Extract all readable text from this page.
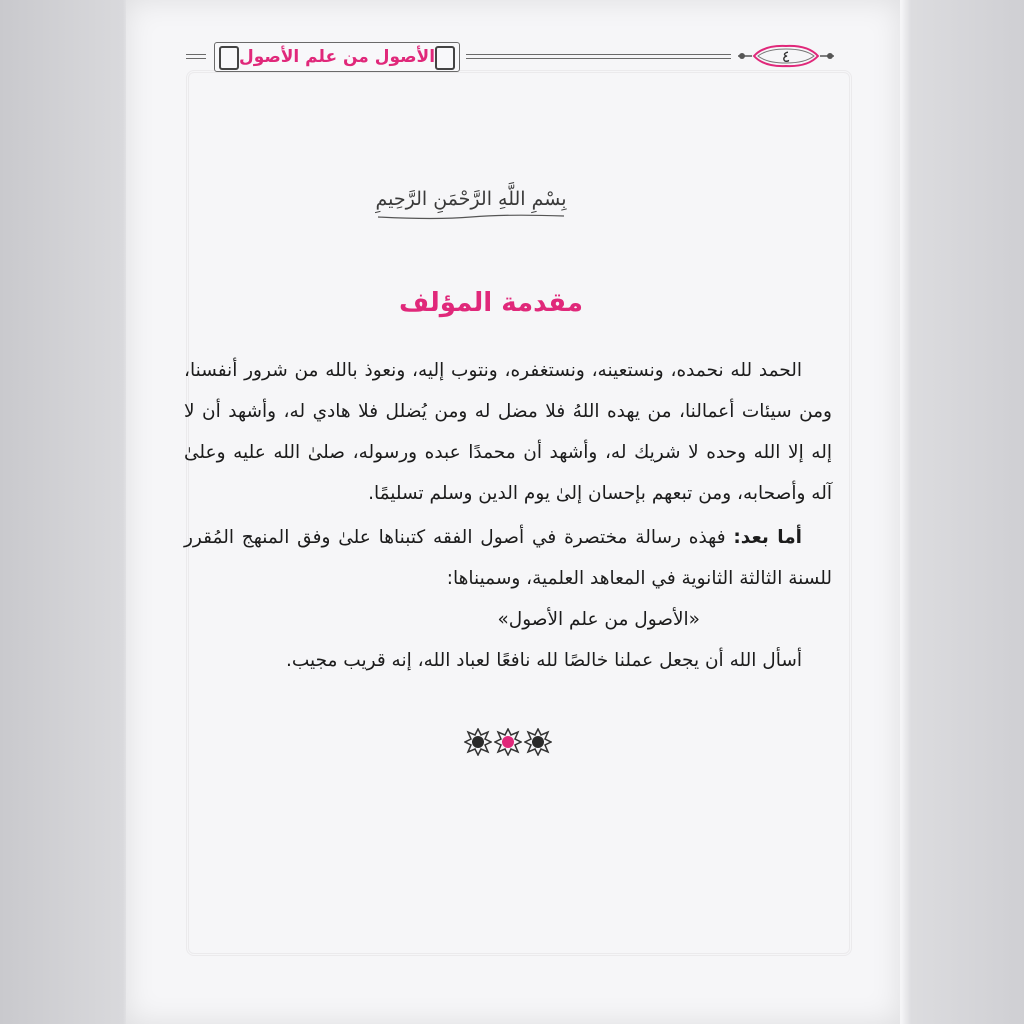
الأصول من علم الأصول	٤
بِسْمِ اللَّهِ الرَّحْمَنِ الرَّحِيمِ
مقدمة المؤلف

الحمد لله نحمده، ونستعينه، ونستغفره، ونتوب إليه، ونعوذ بالله من شرور أنفسنا، ومن سيئات أعمالنا، من يهده اللهُ فلا مضل له ومن يُضلل فلا هادي له، وأشهد أن لا إله إلا الله وحده لا شريك له، وأشهد أن محمدًا عبده ورسوله، صلىٰ الله عليه وعلىٰ آله وأصحابه، ومن تبعهم بإحسان إلىٰ يوم الدين وسلم تسليمًا.

أما بعد: فهذه رسالة مختصرة في أصول الفقه كتبناها علىٰ وفق المنهج المُقرر للسنة الثالثة الثانوية في المعاهد العلمية، وسميناها:

«الأصول من علم الأصول»

أسأل الله أن يجعل عملنا خالصًا لله نافعًا لعباد الله، إنه قريب مجيب.
